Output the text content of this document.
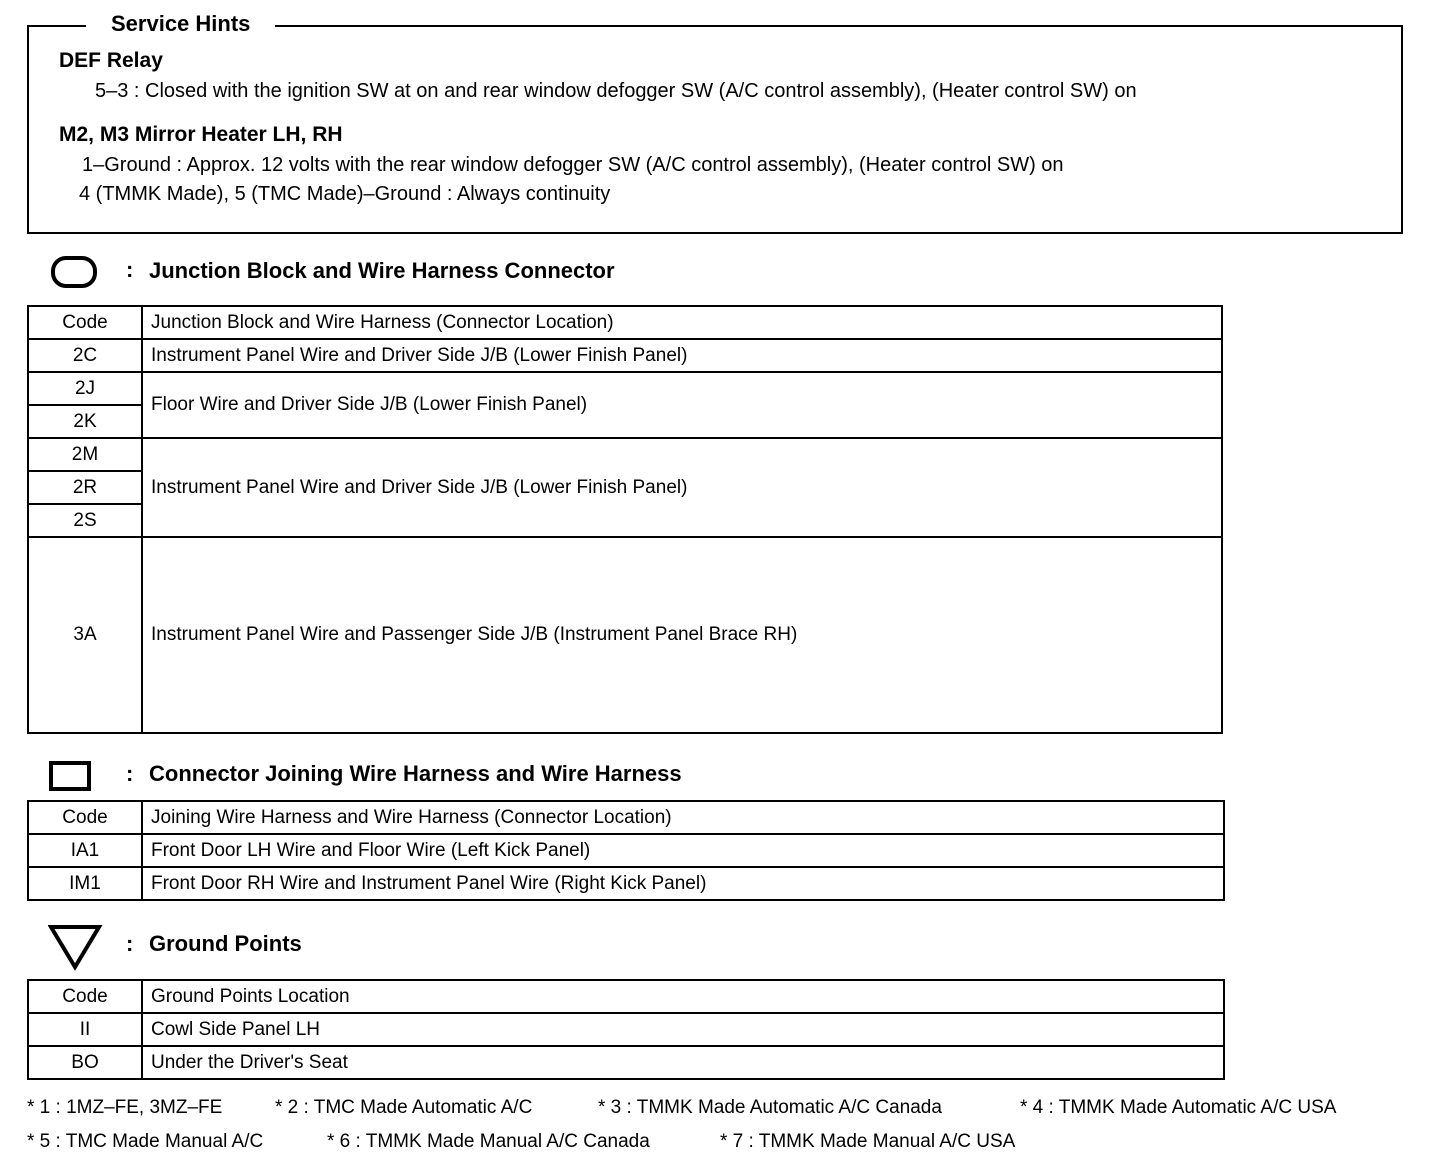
Service Hints
DEF Relay
5–3 : Closed with the ignition SW at on and rear window defogger SW (A/C control assembly), (Heater control SW) on
M2, M3 Mirror Heater LH, RH
1–Ground : Approx. 12 volts with the rear window defogger SW (A/C control assembly), (Heater control SW) on
4 (TMMK Made), 5 (TMC Made)–Ground : Always continuity
: Junction Block and Wire Harness Connector
Code	Junction Block and Wire Harness (Connector Location)
2C	Instrument Panel Wire and Driver Side J/B (Lower Finish Panel)
2J	Floor Wire and Driver Side J/B (Lower Finish Panel)
2K	
2M	Instrument Panel Wire and Driver Side J/B (Lower Finish Panel)
2R	
2S	
3A	Instrument Panel Wire and Passenger Side J/B (Instrument Panel Brace RH)
: Connector Joining Wire Harness and Wire Harness
Code	Joining Wire Harness and Wire Harness (Connector Location)
IA1	Front Door LH Wire and Floor Wire (Left Kick Panel)
IM1	Front Door RH Wire and Instrument Panel Wire (Right Kick Panel)
: Ground Points
Code	Ground Points Location
II	Cowl Side Panel LH
BO	Under the Driver's Seat
* 1 : 1MZ–FE, 3MZ–FE	* 2 : TMC Made Automatic A/C	* 3 : TMMK Made Automatic A/C Canada	* 4 : TMMK Made Automatic A/C USA
* 5 : TMC Made Manual A/C	* 6 : TMMK Made Manual A/C Canada	* 7 : TMMK Made Manual A/C USA
